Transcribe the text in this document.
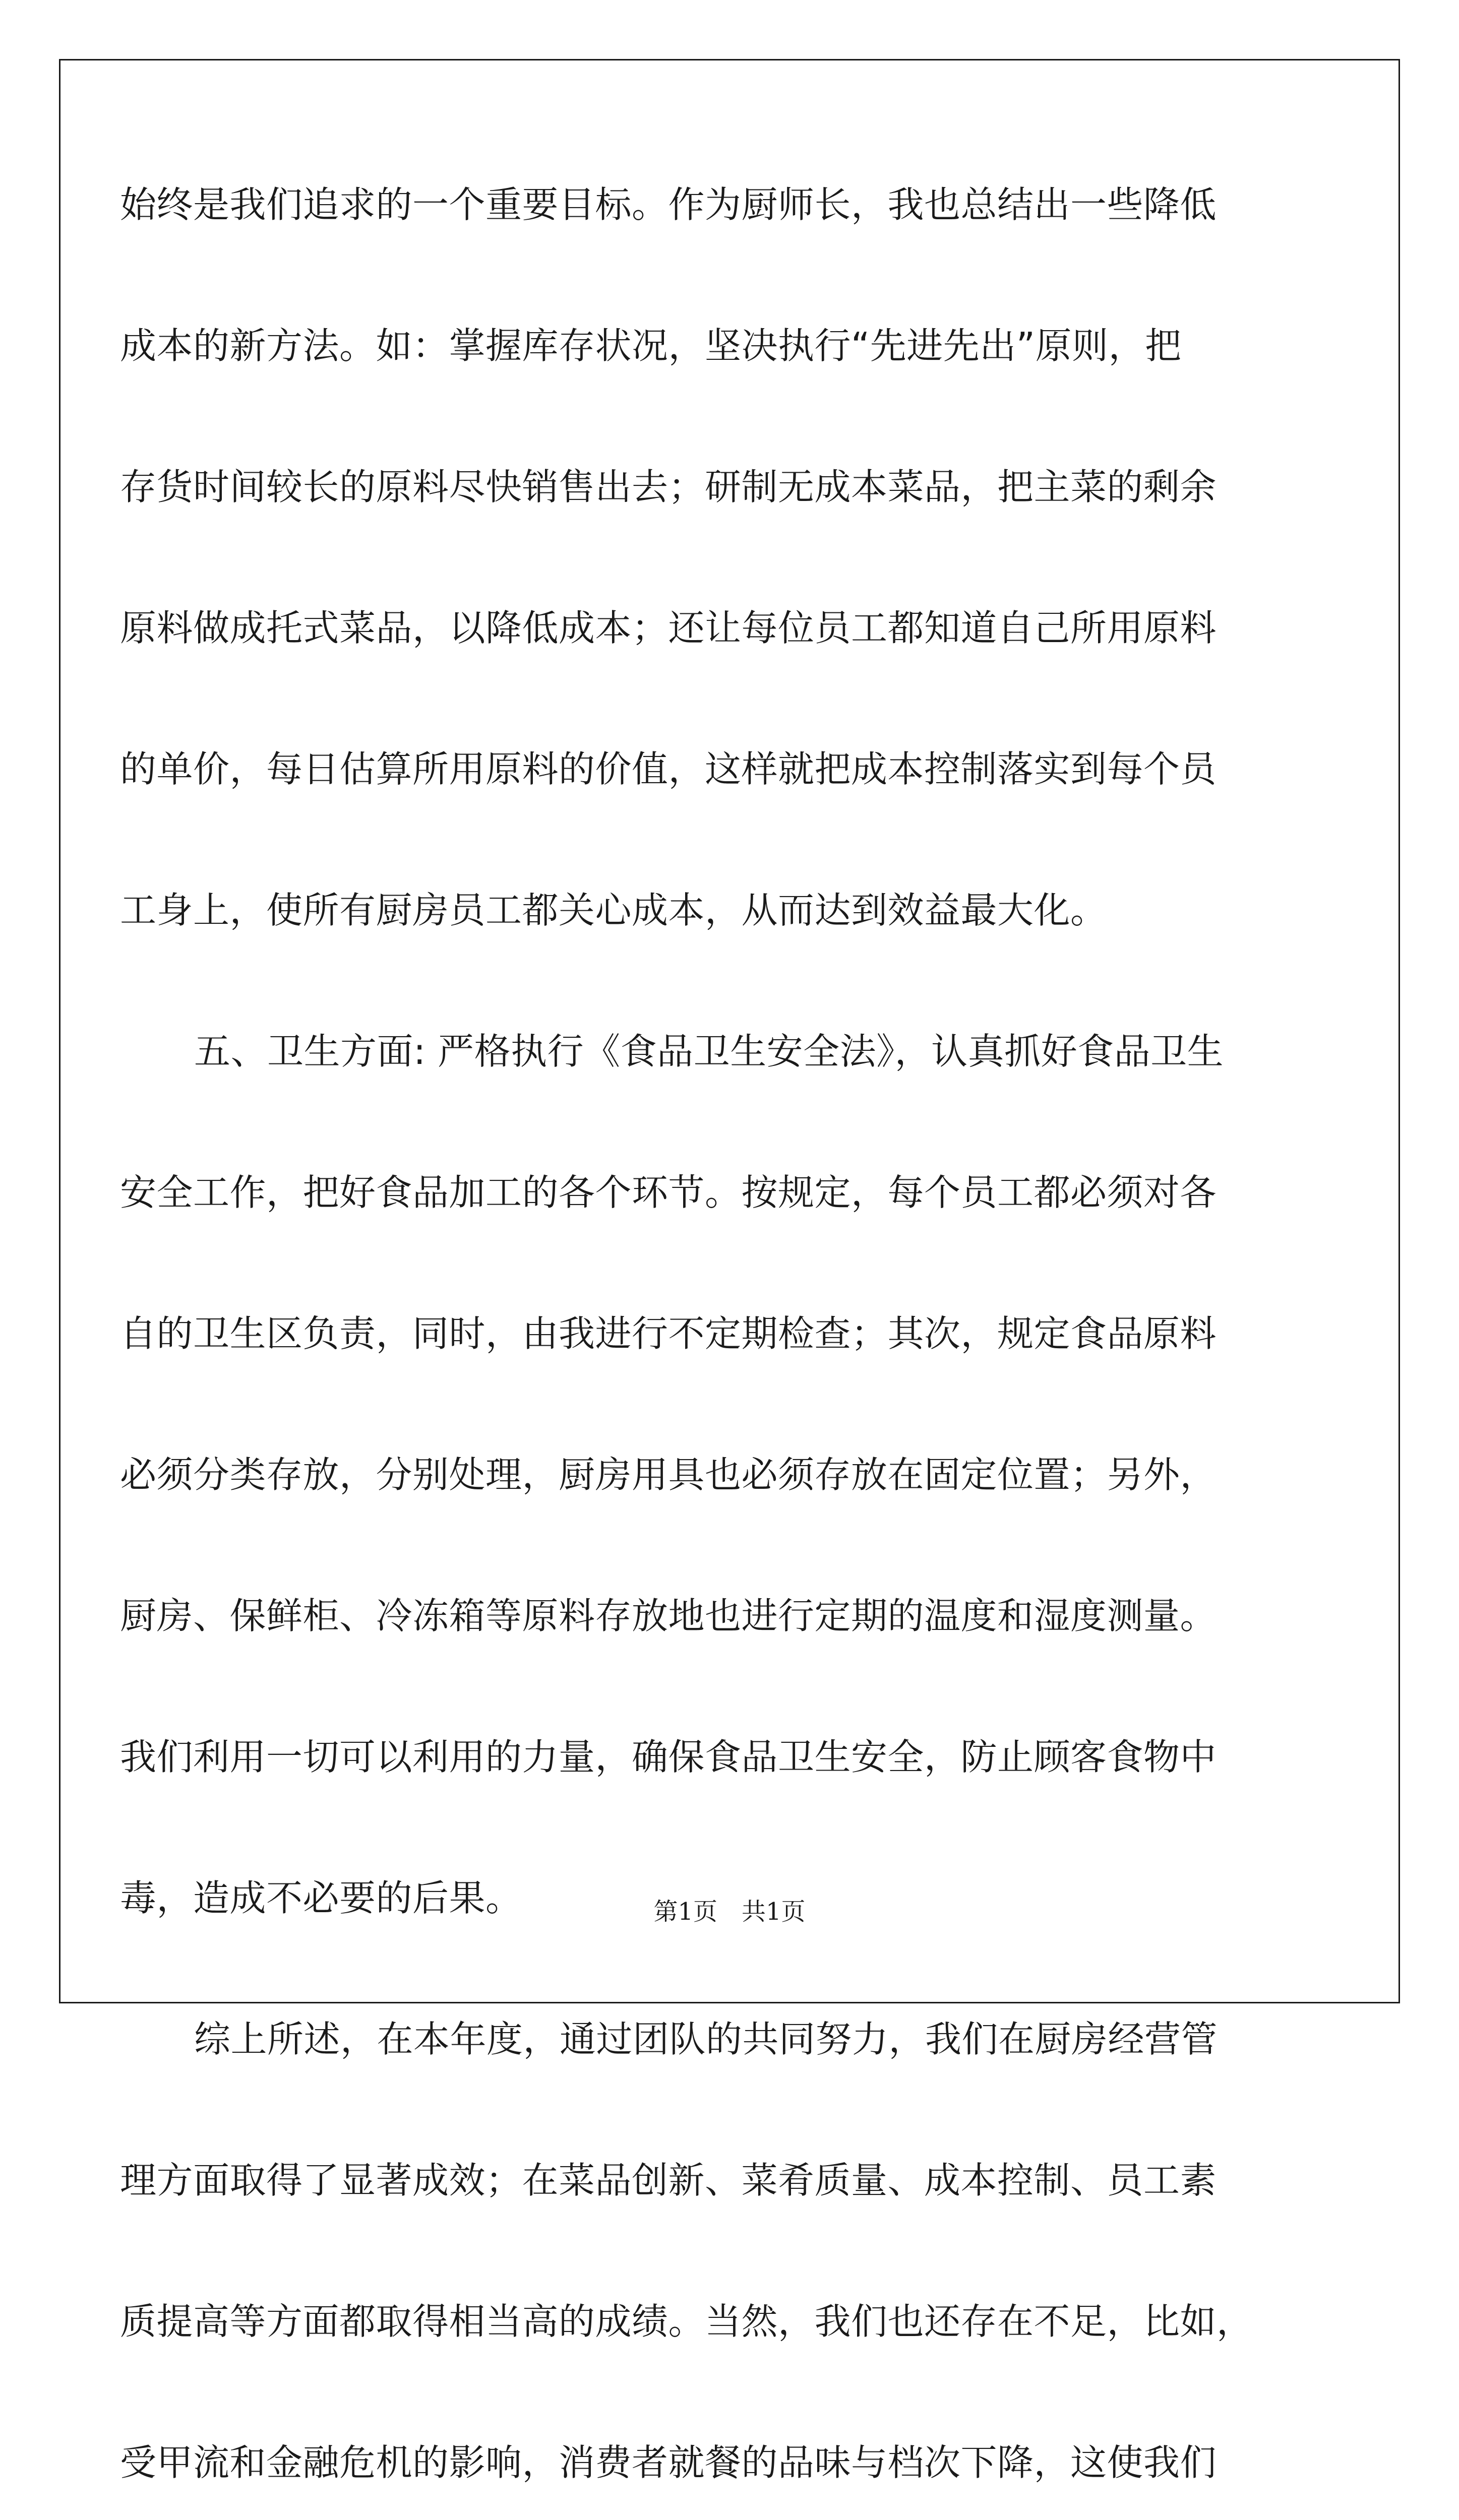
始终是我们追求的一个重要目标。作为厨师长，我也总结出一些降低
成本的新方法。如：掌握库存状况，坚决执行“先进先出”原则，把
存货时间较长的原料尽快销售出去；研制无成本菜品，把主菜的剩余
原料做成托式菜品，以降低成本；还让每位员工都知道自己所用原料
的单价，每日估算所用原料的价值，这样就把成本控制落实到每个员
工身上，使所有厨房员工都关心成本，从而达到效益最大化。
五、卫生方面: 严格执行《食品卫生安全法》，认真抓好食品卫生
安全工作，把好食品加工的各个环节。按规定，每个员工都必须对各
自的卫生区负责，同时，由我进行不定期检查；其次，规定食品原料
必须分类存放，分别处理，厨房用具也必须存放在固定位置；另外，
厨房、保鲜柜、冷冻箱等原料存放地也进行定期的温度和湿度测量。
我们利用一切可以利用的力量，确保食品卫生安全，防止顾客食物中
毒，造成不必要的后果。
综上所述，在本年度，通过团队的共同努力，我们在厨房经营管
理方面取得了显著成效；在菜品创新、菜肴质量、成本控制、员工素
质提高等方面都取得相当高的成绩。当然，我们也还存在不足，比如，
受甲流和金融危机的影响，消费者就餐的品味与档次下降，这使我们
第1页 共1页
